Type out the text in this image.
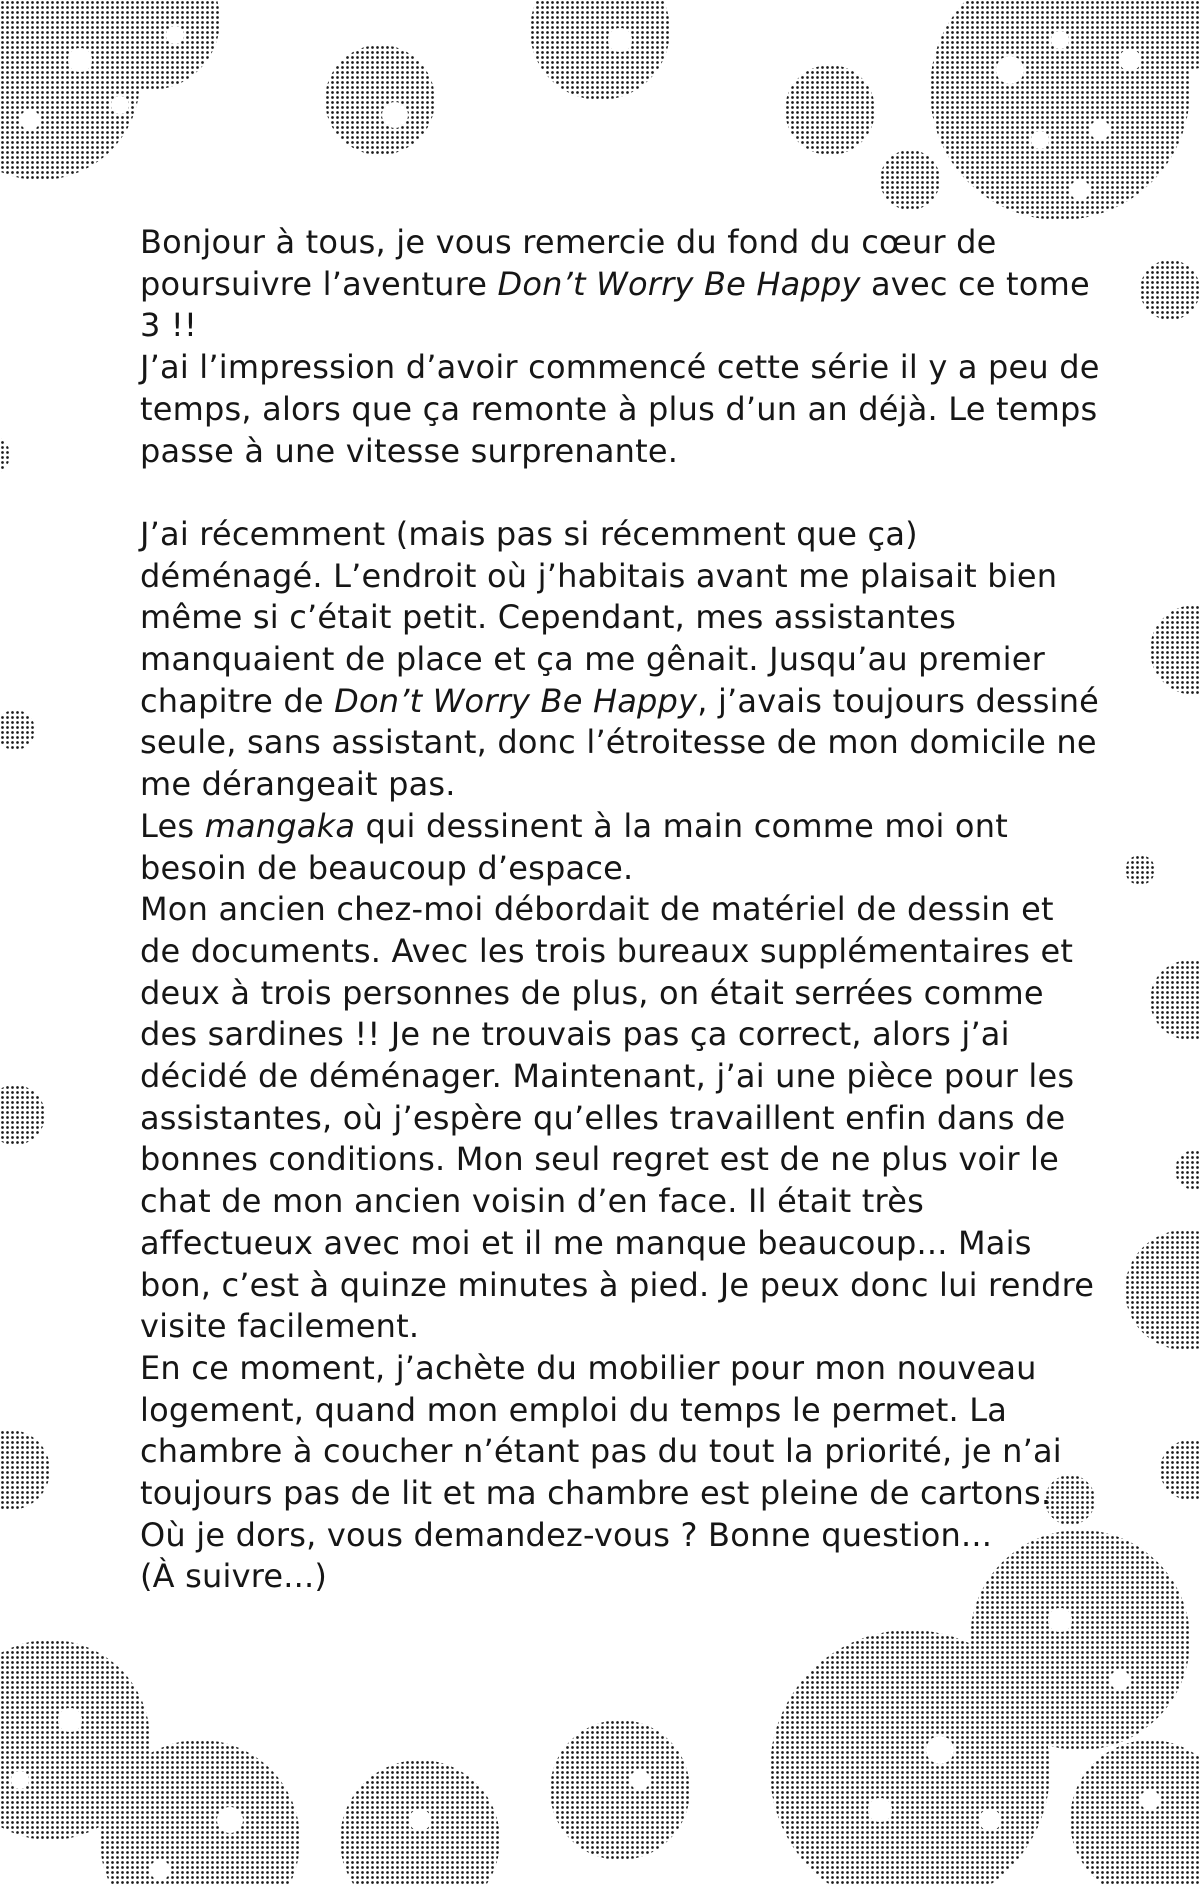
Bonjour à tous, je vous remercie du fond du cœur de poursuivre l’aventure Don’t Worry Be Happy avec ce tome 3 !!

J’ai l’impression d’avoir commencé cette série il y a peu de temps, alors que ça remonte à plus d’un an déjà. Le temps passe à une vitesse surprenante.

J’ai récemment (mais pas si récemment que ça) déménagé. L’endroit où j’habitais avant me plaisait bien même si c’était petit. Cependant, mes assistantes manquaient de place et ça me gênait. Jusqu’au premier chapitre de Don’t Worry Be Happy, j’avais toujours dessiné seule, sans assistant, donc l’étroitesse de mon domicile ne me dérangeait pas.

Les mangaka qui dessinent à la main comme moi ont besoin de beaucoup d’espace.

Mon ancien chez-moi débordait de matériel de dessin et de documents. Avec les trois bureaux supplémentaires et deux à trois personnes de plus, on était serrées comme des sardines !! Je ne trouvais pas ça correct, alors j’ai décidé de déménager. Maintenant, j’ai une pièce pour les assistantes, où j’espère qu’elles travaillent enfin dans de bonnes conditions. Mon seul regret est de ne plus voir le chat de mon ancien voisin d’en face. Il était très affectueux avec moi et il me manque beaucoup... Mais bon, c’est à quinze minutes à pied. Je peux donc lui rendre visite facilement.

En ce moment, j’achète du mobilier pour mon nouveau logement, quand mon emploi du temps le permet. La chambre à coucher n’étant pas du tout la priorité, je n’ai toujours pas de lit et ma chambre est pleine de cartons.

Où je dors, vous demandez-vous ? Bonne question...

(À suivre...)
